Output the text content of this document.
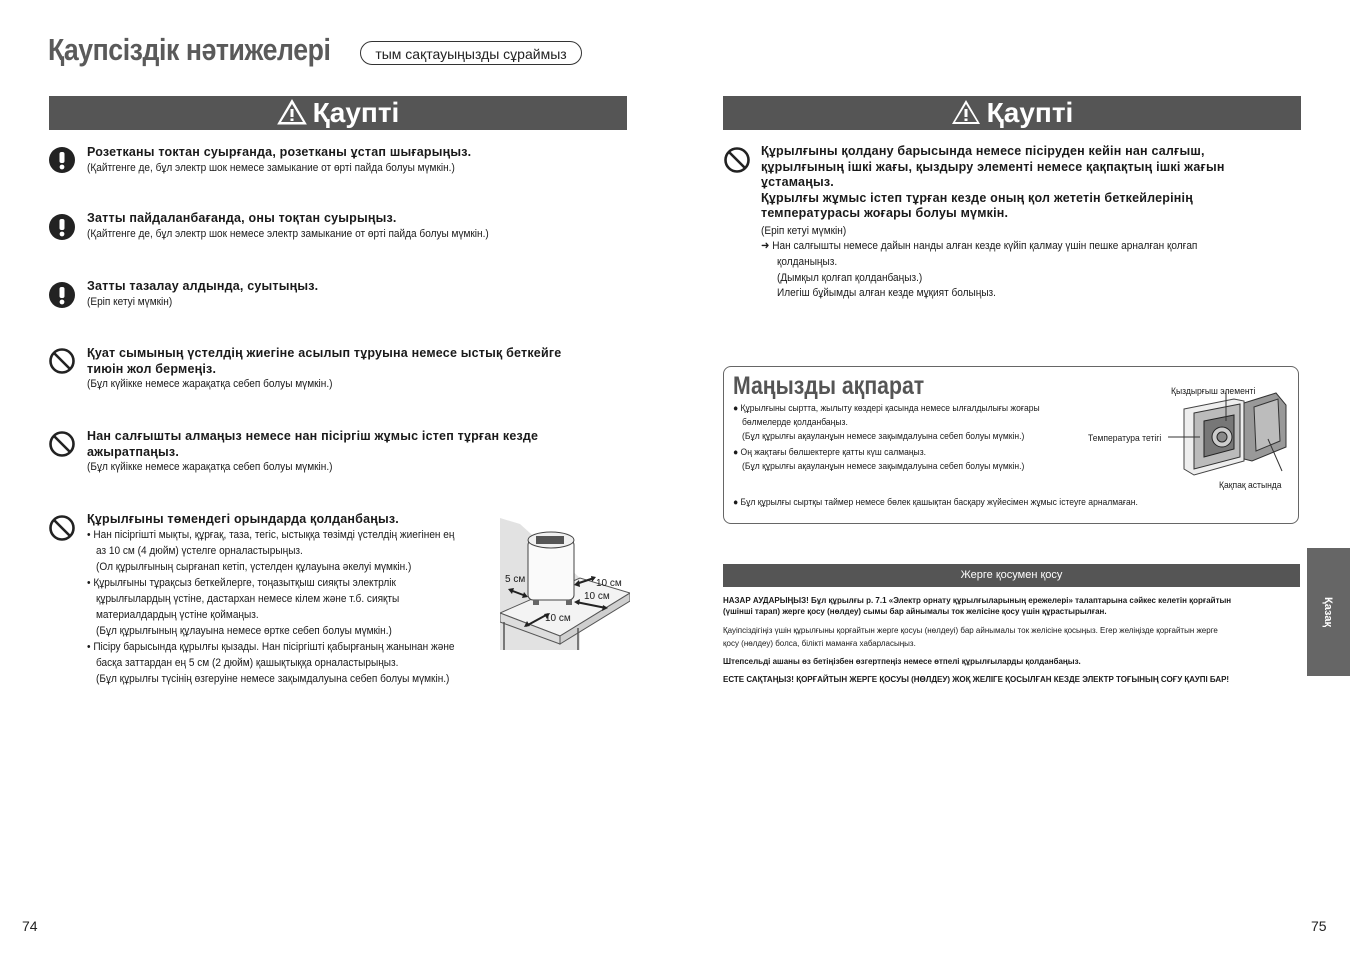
Қаупсіздік нәтижелері	тым сақтауыңызды сұраймыз
Қаупті
Розетканы токтан суырғанда, розетканы ұстап шығарыңыз.
(Қайтгенге де, бұл электр шок немесе замыкание от өрті пайда болуы мүмкін.)
Затты пайдаланбағанда, оны тоқтан суырыңыз.
(Қайтгенге де, бұл электр шок немесе электр замыкание от өрті пайда болуы мүмкін.)
Затты тазалау алдында, суытыңыз.
(Еріп кетуі мүмкін)
Қуат сымының үстелдің жиегіне асылып тұруына немесе ыстық беткейге
тиюін жол бермеңіз.
(Бұл күйікке немесе жарақатқа себеп болуы мүмкін.)
Нан салғышты алмаңыз немесе нан пісіргіш жұмыс істеп тұрған кезде
ажыратпаңыз.
(Бұл күйікке немесе жарақатқа себеп болуы мүмкін.)
Құрылғыны төмендегі орындарда қолданбаңыз.
• Нан пісіргішті мықты, құрғақ, таза, тегіс, ыстыққа төзімді үстелдің жиегінен ең
аз 10 см (4 дюйм) үстелге орналастырыңыз.
(Ол құрылғының сырғанап кетіп, үстелден құлауына әкелуі мүмкін.)
• Құрылғыны тұрақсыз беткейлерге, тоңазытқыш сияқты электрлік
құрылғылардың үстіне, дастархан немесе кілем және т.б. сияқты
материалдардың үстіне қоймаңыз.
(Бұл құрылғының құлауына немесе өртке себеп болуы мүмкін.)
• Пісіру барысында құрылғы қызады. Нан пісіргішті қабырғаның жанынан және
басқа заттардан ең 5 см (2 дюйм) қашықтыққа орналастырыңыз.
(Бұл құрылғы түсінің өзгеруіне немесе зақымдалуына себеп болуы мүмкін.)
5 см	10 см
10 см
10 см
74
Қаупті
Құрылғыны қолдану барысында немесе пісіруден кейін нан салғыш,
құрылғының ішкі жағы, қыздыру элементі немесе қақпақтың ішкі жағын
ұстамаңыз.
Құрылғы жұмыс істеп тұрған кезде оның қол жететін беткейлерінің
температурасы жоғары болуы мүмкін.
(Еріп кетуі мүмкін)
➜ Нан салғышты немесе дайын нанды алған кезде күйіп қалмау үшін пешке арналған қолғап
қолданыңыз.
(Дымқыл қолғап қолданбаңыз.)
Илегіш бұйымды алған кезде мұқият болыңыз.
Маңызды ақпарат
● Құрылғыны сыртта, жылыту көздері қасында немесе ылғалдылығы жоғары
бөлмелерде қолданбаңыз.
(Бұл құрылғы ақауланұын немесе зақымдалуына себеп болуы мүмкін.)
● Оң жақтағы бөлшектерге қатты күш салмаңыз.
(Бұл құрылғы ақауланұын немесе зақымдалуына себеп болуы мүмкін.)
● Бұл құрылғы сыртқы таймер немесе бөлек қашықтан басқару жүйесімен жұмыс істеуге арналмаған.
Қыздырғыш элементі
Температура тетігі
Қақпақ астында
Жерге қосумен қосу
НАЗАР АУДАРЫҢЫЗ! Бұл құрылғы p. 7.1 «Электр орнату құрылғыларының ережелері» талаптарына сәйкес келетін қорғайтын
(үшінші тарап) жерге қосу (нөлдеу) сымы бар айнымалы ток желісіне қосу үшін құрастырылған.
Қауіпсіздігіңіз үшін құрылғыны қорғайтын жерге қосуы (нөлдеуі) бар айнымалы ток желісіне қосыңыз. Егер желіңізде қорғайтын жерге
қосу (нөлдеу) болса, білікті маманға хабарласыңыз.
Штепсельді ашаны өз бетіңізбен өзгертпеңіз немесе өтпелі құрылғыларды қолданбаңыз.
ЕСТЕ САҚТАҢЫЗ! ҚОРҒАЙТЫН ЖЕРГЕ ҚОСУЫ (НӨЛДЕУ) ЖОҚ ЖЕЛІГЕ ҚОСЫЛҒАН КЕЗДЕ ЭЛЕКТР ТОҒЫНЫҢ СОҒУ ҚАУПІ БАР!
Қазақ
75
